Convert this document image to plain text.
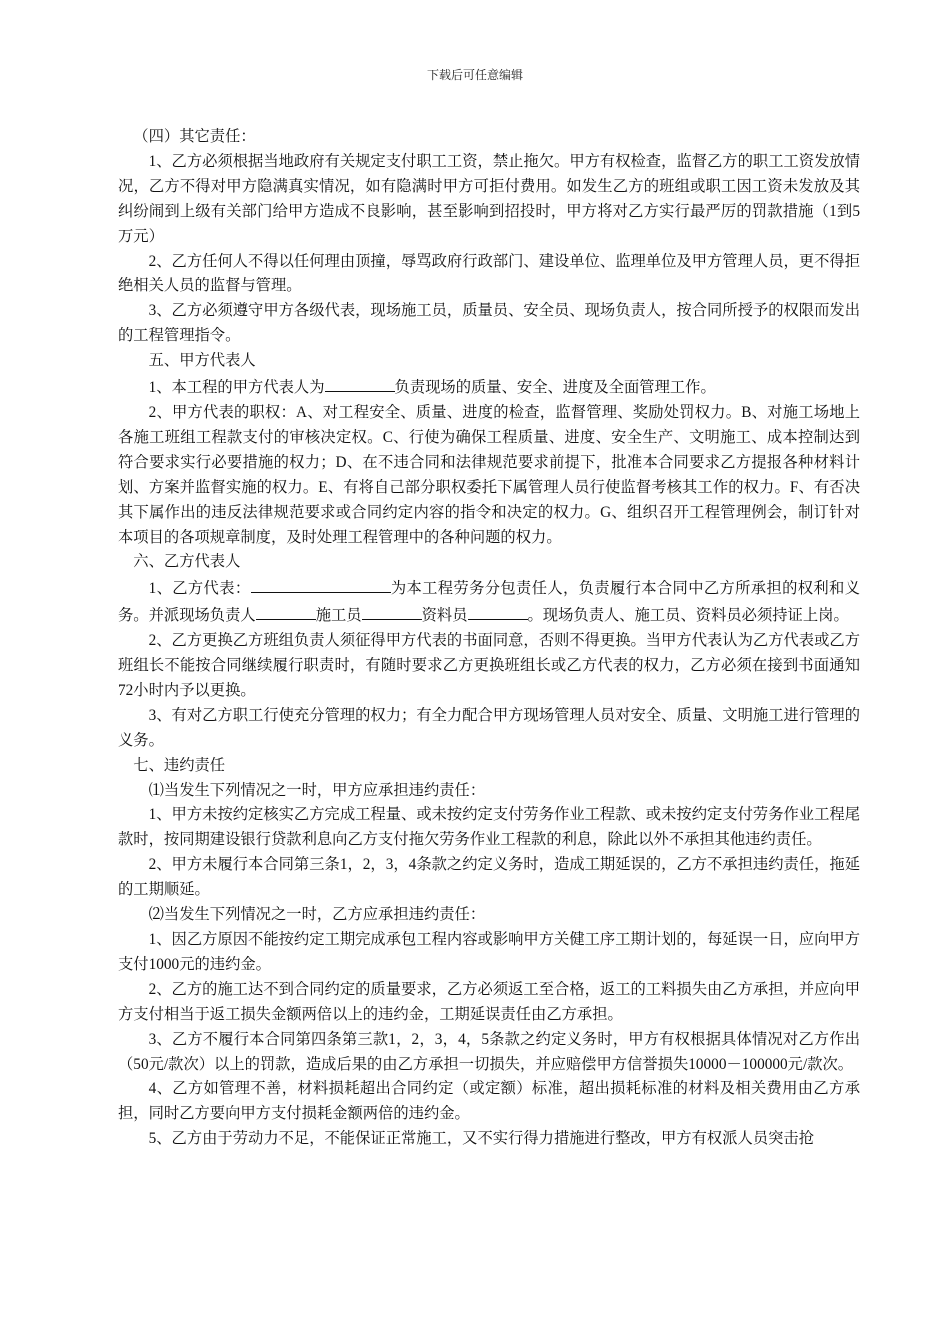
下载后可任意编辑

（四）其它责任：

1、乙方必须根据当地政府有关规定支付职工工资，禁止拖欠。甲方有权检查，监督乙方的职工工资发放情况，乙方不得对甲方隐满真实情况，如有隐满时甲方可拒付费用。如发生乙方的班组或职工因工资未发放及其纠纷闹到上级有关部门给甲方造成不良影响，甚至影响到招投时，甲方将对乙方实行最严厉的罚款措施（1到5万元）

2、乙方任何人不得以任何理由顶撞，辱骂政府行政部门、建设单位、监理单位及甲方管理人员，更不得拒绝相关人员的监督与管理。

3、乙方必须遵守甲方各级代表，现场施工员，质量员、安全员、现场负责人，按合同所授予的权限而发出的工程管理指令。

五、甲方代表人

1、本工程的甲方代表人为	负责现场的质量、安全、进度及全面管理工作。

2、甲方代表的职权：A、对工程安全、质量、进度的检查，监督管理、奖励处罚权力。B、对施工场地上各施工班组工程款支付的审核决定权。C、行使为确保工程质量、进度、安全生产、文明施工、成本控制达到符合要求实行必要措施的权力；D、在不违合同和法律规范要求前提下，批准本合同要求乙方提报各种材料计划、方案并监督实施的权力。E、有将自己部分职权委托下属管理人员行使监督考核其工作的权力。F、有否决其下属作出的违反法律规范要求或合同约定内容的指令和决定的权力。G、组织召开工程管理例会，制订针对本项目的各项规章制度，及时处理工程管理中的各种问题的权力。

六、乙方代表人

1、乙方代表：	为本工程劳务分包责任人，负责履行本合同中乙方所承担的权利和义务。并派现场负责人	施工员	资料员	。现场负责人、施工员、资料员必须持证上岗。

2、乙方更换乙方班组负责人须征得甲方代表的书面同意，否则不得更换。当甲方代表认为乙方代表或乙方班组长不能按合同继续履行职责时，有随时要求乙方更换班组长或乙方代表的权力，乙方必须在接到书面通知72小时内予以更换。

3、有对乙方职工行使充分管理的权力；有全力配合甲方现场管理人员对安全、质量、文明施工进行管理的义务。

七、违约责任

⑴当发生下列情况之一时，甲方应承担违约责任：

1、甲方未按约定核实乙方完成工程量、或未按约定支付劳务作业工程款、或未按约定支付劳务作业工程尾款时，按同期建设银行贷款利息向乙方支付拖欠劳务作业工程款的利息，除此以外不承担其他违约责任。

2、甲方未履行本合同第三条1，2，3，4条款之约定义务时，造成工期延误的，乙方不承担违约责任，拖延的工期顺延。

⑵当发生下列情况之一时，乙方应承担违约责任：

1、因乙方原因不能按约定工期完成承包工程内容或影响甲方关健工序工期计划的，每延误一日，应向甲方支付1000元的违约金。

2、乙方的施工达不到合同约定的质量要求，乙方必须返工至合格，返工的工料损失由乙方承担，并应向甲方支付相当于返工损失金额两倍以上的违约金，工期延误责任由乙方承担。

3、乙方不履行本合同第四条第三款1，2，3，4，5条款之约定义务时，甲方有权根据具体情况对乙方作出（50元/款次）以上的罚款，造成后果的由乙方承担一切损失，并应赔偿甲方信誉损失10000－100000元/款次。

4、乙方如管理不善，材料损耗超出合同约定（或定额）标准，超出损耗标准的材料及相关费用由乙方承担，同时乙方要向甲方支付损耗金额两倍的违约金。

5、乙方由于劳动力不足，不能保证正常施工，又不实行得力措施进行整改，甲方有权派人员突击抢
